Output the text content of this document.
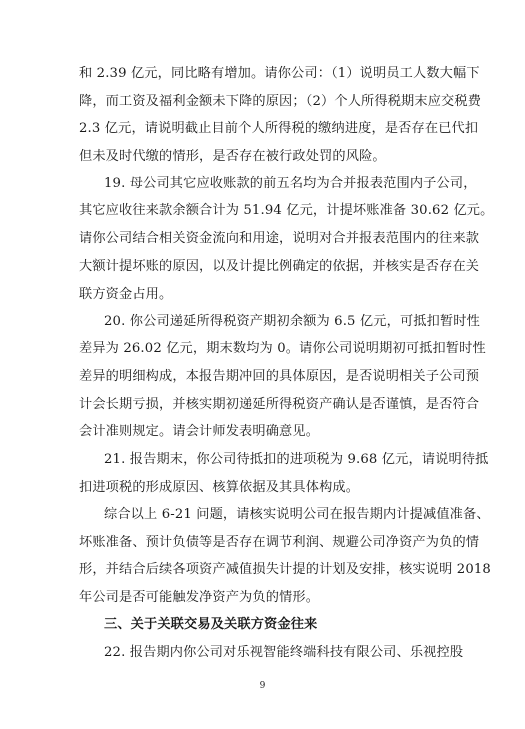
和 2.39 亿元，同比略有增加。请你公司：（1）说明员工人数大幅下
降，而工资及福利金额未下降的原因；（2）个人所得税期末应交税费
2.3 亿元，请说明截止目前个人所得税的缴纳进度，是否存在已代扣
但未及时代缴的情形，是否存在被行政处罚的风险。
19. 母公司其它应收账款的前五名均为合并报表范围内子公司，
其它应收往来款余额合计为 51.94 亿元，计提坏账准备 30.62 亿元。
请你公司结合相关资金流向和用途，说明对合并报表范围内的往来款
大额计提坏账的原因，以及计提比例确定的依据，并核实是否存在关
联方资金占用。
20. 你公司递延所得税资产期初余额为 6.5 亿元，可抵扣暂时性
差异为 26.02 亿元，期末数均为 0。请你公司说明期初可抵扣暂时性
差异的明细构成，本报告期冲回的具体原因，是否说明相关子公司预
计会长期亏损，并核实期初递延所得税资产确认是否谨慎，是否符合
会计准则规定。请会计师发表明确意见。
21. 报告期末，你公司待抵扣的进项税为 9.68 亿元，请说明待抵
扣进项税的形成原因、核算依据及其具体构成。
综合以上 6-21 问题，请核实说明公司在报告期内计提减值准备、
坏账准备、预计负债等是否存在调节利润、规避公司净资产为负的情
形，并结合后续各项资产减值损失计提的计划及安排，核实说明 2018
年公司是否可能触发净资产为负的情形。
三、关于关联交易及关联方资金往来
22. 报告期内你公司对乐视智能终端科技有限公司、乐视控股
9
